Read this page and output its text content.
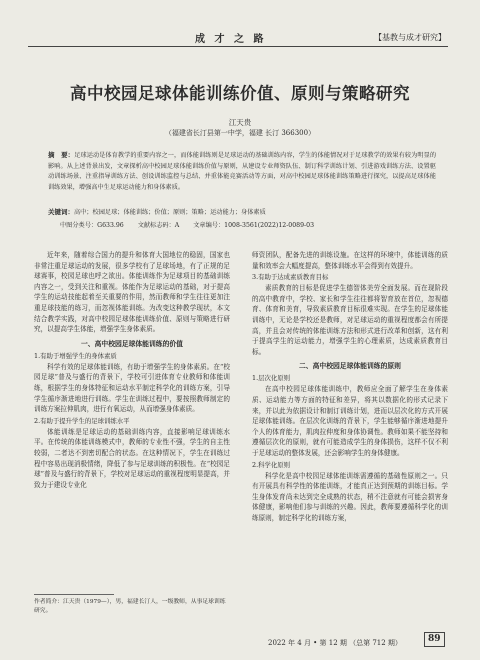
成 才 之 路	【基教与成才研究】
高中校园足球体能训练价值、原则与策略研究
江天贵
（福建省长汀县第一中学，福建 长汀 366300）
摘　要：足球运动是体育教学的重要内容之一，而体能训练则是足球运动的基础训练内容，学生的体能情况对于足球教学的效果有较为明显的影响。从上述背景出发，文章探析高中校园足球体能训练价值与原则，从建设专业师资队伍、制订科学训练计划、引进游戏训练方法、设置驱动训练场景、注重指导训练方法、创设训练监控与总结、并重体能竞赛活动等方面，对高中校园足球体能训练策略进行探究，以提高足球体能训练效果，增强高中生足球运动能力和身体素质。
关键词：高中；校园足球；体能训练；价值；原则；策略；运动能力；身体素质
中图分类号：G633.96 文献标志码：A 文章编号：1008-3561(2022)12-0089-03

近年来，随着综合国力的提升和体育大国地位的稳固，国家也非常注重足球运动的发展，很多学校有了足球场地，有了正规的足球赛事，校园足球也呼之欲出。体能训练作为足球项目的基础训练内容之一，受到关注和重视。体能作为足球运动的基础，对于提高学生的运动技能起着至关重要的作用，然而教师和学生往往更加注重足球技能的练习，而忽视体能训练。为改变这种教学现状，本文结合教学实践，对高中校园足球体能训练价值、原则与策略进行研究，以提高学生体能，增强学生身体素质。

一、高中校园足球体能训练的价值
1.有助于增强学生的身体素质

科学有效的足球体能训练，有助于增强学生的身体素质。在“校园足球”普及与盛行的背景下，学校可引进体育专业教师和体能训练，根据学生的身体特征和运动水平制定科学化的训练方案，引导学生循序渐进地进行训练。学生在训练过程中，要按照教师制定的训练方案拉伸肌肉，进行有氧运动，从而增强身体素质。

2.有助于提升学生的足球训练水平

体能训练是足球运动的基础训练内容，直接影响足球训练水平。在传统的体能训练模式中，教师的专业性不强，学生的自主性较弱，二者达不到密切配合的状态。在这种情况下，学生在训练过程中容易出现消极情绪，降低了参与足球训练的积极性。在“校园足球”普及与盛行的背景下，学校对足球运动的重视程度明显提高，并致力于建设专业化

师资团队，配备先进的训练设施。在这样的环境中，体能训练的质量和效率会大幅度提高，整体训练水平会得到有效提升。

3.有助于达成素质教育目标

素质教育的目标是促进学生德智体美劳全面发展。而在现阶段的高中教育中，学校、家长和学生往往都将智育放在首位，忽视德育、体育和美育，导致素质教育目标很难实现。在学生的足球体能训练中，无论是学校还是教师，对足球运动的重视程度都会有所提高，并且会对传统的体能训练方法和形式进行改革和创新，这有利于提高学生的运动能力，增强学生的心理素质，达成素质教育目标。

二、高中校园足球体能训练的原则
1.层次化原则

在高中校园足球体能训练中，教师应全面了解学生在身体素质、运动能力等方面的特征和差异，将其以数据化的形式记录下来，并以此为依据设计和制订训练计划，进而以层次化的方式开展足球体能训练。在层次化训练的背景下，学生能够循序渐进地提升个人的体育能力，肌肉拉伸度和身体协调性。教师如果不能坚持和遵循层次化的原则，就有可能造成学生的身体损伤，这样不仅不利于足球运动的整体发展，还会影响学生的身体健康。

2.科学化原则

科学化是高中校园足球体能训练需遵循的基础性原则之一。只有开展具有科学性的体能训练，才能真正达到预期的训练目标。学生身体发育尚未达到完全成熟的状态，稍不注意就有可能会损害身体健康，影响他们参与训练的兴趣。因此，教师要遵循科学化的训练原则，制定科学化的训练方案，

作者简介：江天贵（1979—），男，福建长汀人，一级教师，从事足球训练研究。
2022 年 4 月 • 第 12 期 （总第 712 期）	89
